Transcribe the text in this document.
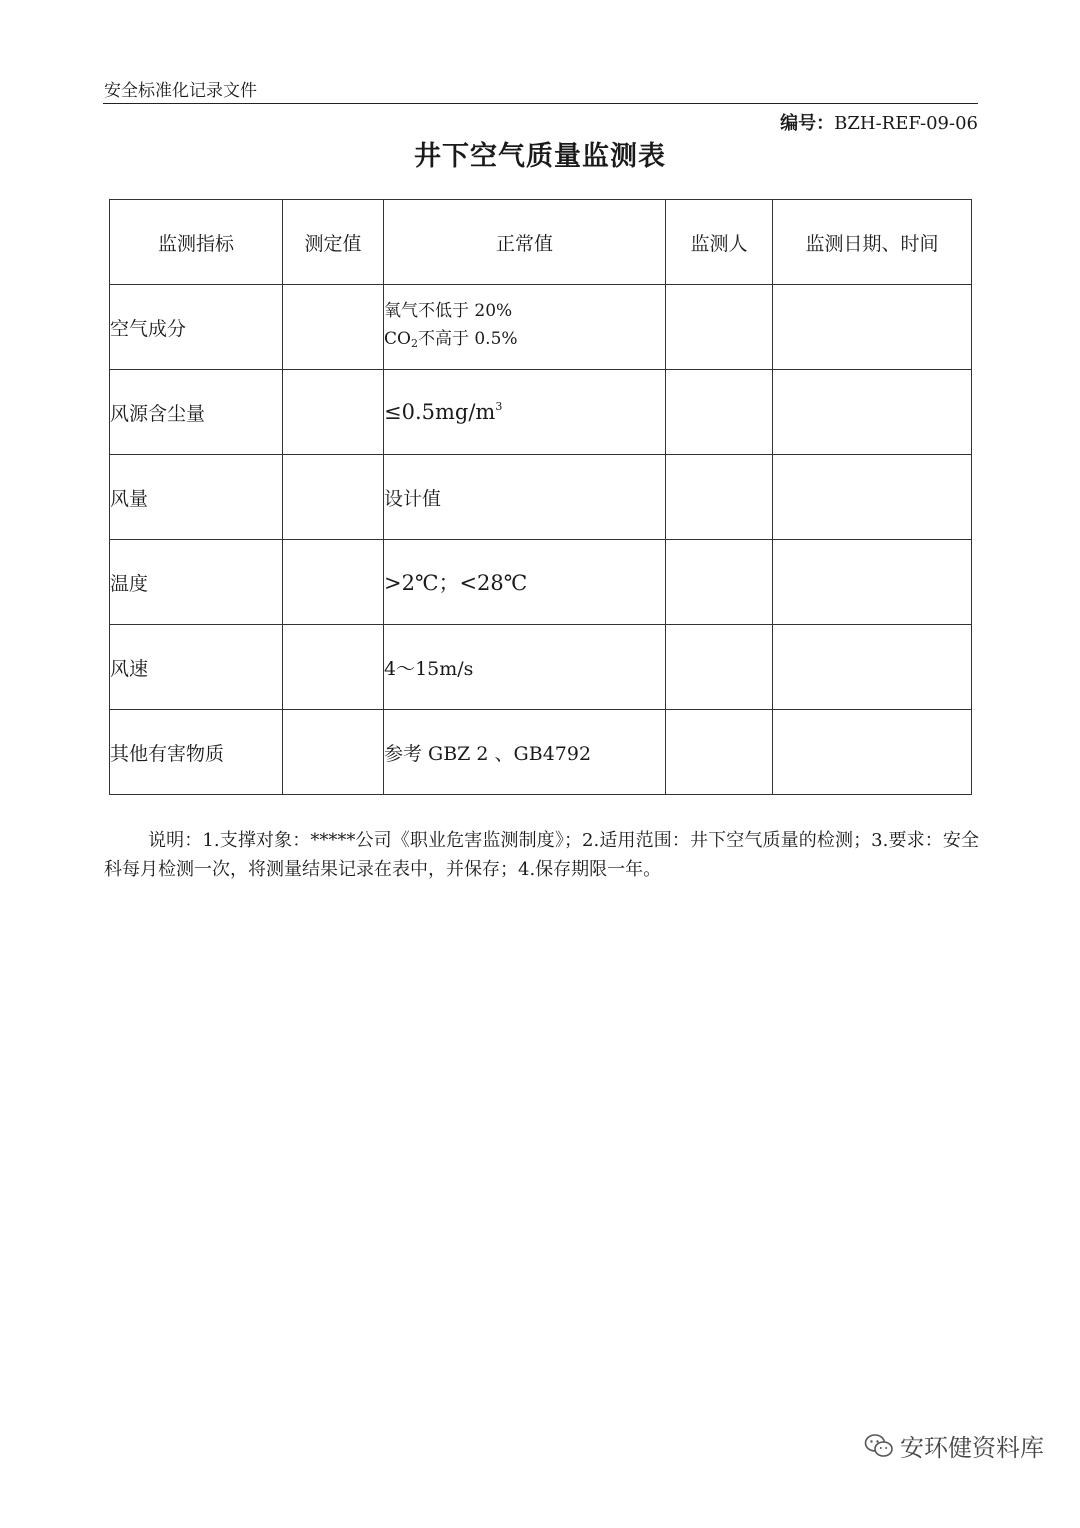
安全标准化记录文件
编号：BZH-REF-09-06
井下空气质量监测表
监测指标	测定值	正常值	监测人	监测日期、时间
空气成分		氧气不低于 20%
$CO_2$不高于 0.5%		

风源含尘量		$\le 0.5mg/m^3$		
风量		设计值		
温度		>2℃；<28℃		
风速		4～15m/s		
其他有害物质		参考 GBZ 2 、GB4792		
说明：1.支撑对象：*****公司《职业危害监测制度》；2.适用范围：井下空气质量的检测；3.要求：安全科每月检测一次，将测量结果记录在表中，并保存；4.保存期限一年。
安环健资料库
